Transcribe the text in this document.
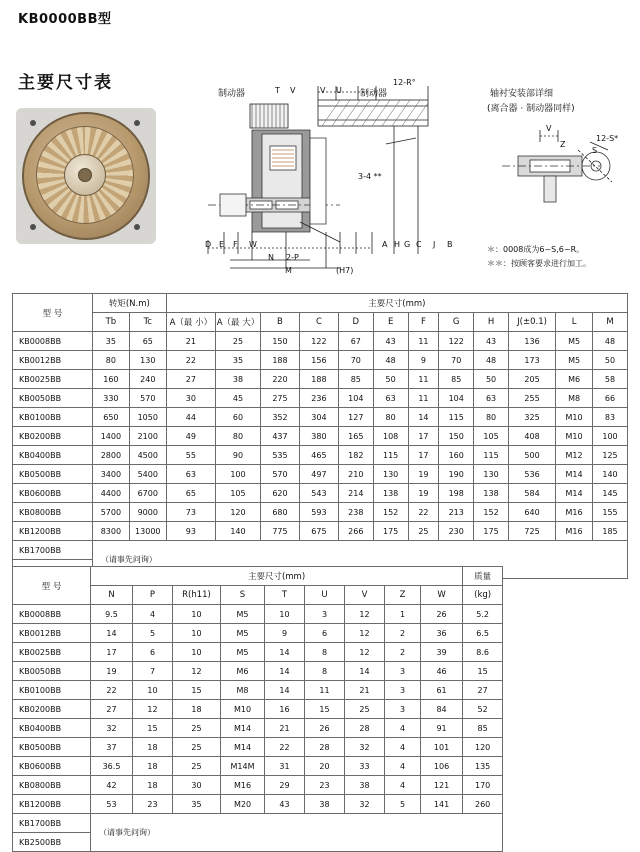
KB0000BB型
主要尺寸表
制动器	制动器
12-R°
3-4 **
2-P
(H7)
T V	V U
D E F W
N
M
A H G C J B
轴衬安装部详细
(离合器 · 制动器同样)
V
Z
S
12-S*
＊：0008成为6~S,6~R。
＊＊：按顾客要求进行加工。
型 号	转矩(N.m)		主要尺寸(mm)											
	Tb	Tc	A（最 小）	A（最 大）	B	C	D	E	F	G	H	J(±0.1)	L	M
KB0008BB	35	65	21	25	150	122	67	43	11	122	43	136	M5	48
KB0012BB	80	130	22	35	188	156	70	48	9	70	48	173	M5	50
KB0025BB	160	240	27	38	220	188	85	50	11	85	50	205	M6	58
KB0050BB	330	570	30	45	275	236	104	63	11	104	63	255	M8	66
KB0100BB	650	1050	44	60	352	304	127	80	14	115	80	325	M10	83
KB0200BB	1400	2100	49	80	437	380	165	108	17	150	105	408	M10	100
KB0400BB	2800	4500	55	90	535	465	182	115	17	160	115	500	M12	125
KB0500BB	3400	5400	63	100	570	497	210	130	19	190	130	536	M14	140
KB0600BB	4400	6700	65	105	620	543	214	138	19	198	138	584	M14	145
KB0800BB	5700	9000	73	120	680	593	238	152	22	213	152	640	M16	155
KB1200BB	8300	13000	93	140	775	675	266	175	25	230	175	725	M16	185
KB1700BB	（请事先问询）													

型 号	主要尺寸(mm)									质量
	N	P	R(h11)	S	T	U	V	Z	W	(kg)
KB0008BB	9.5	4	10	M5	10	3	12	1	26	5.2
KB0012BB	14	5	10	M5	9	6	12	2	36	6.5
KB0025BB	17	6	10	M5	14	8	12	2	39	8.6
KB0050BB	19	7	12	M6	14	8	14	3	46	15
KB0100BB	22	10	15	M8	14	11	21	3	61	27
KB0200BB	27	12	18	M10	16	15	25	3	84	52
KB0400BB	32	15	25	M14	21	26	28	4	91	85
KB0500BB	37	18	25	M14	22	28	32	4	101	120
KB0600BB	36.5	18	25	M14M	31	20	33	4	106	135
KB0800BB	42	18	30	M16	29	23	38	4	121	170
KB1200BB	53	23	35	M20	43	38	32	5	141	260
KB1700BB	（请事先问询）									
KB2500BB										
